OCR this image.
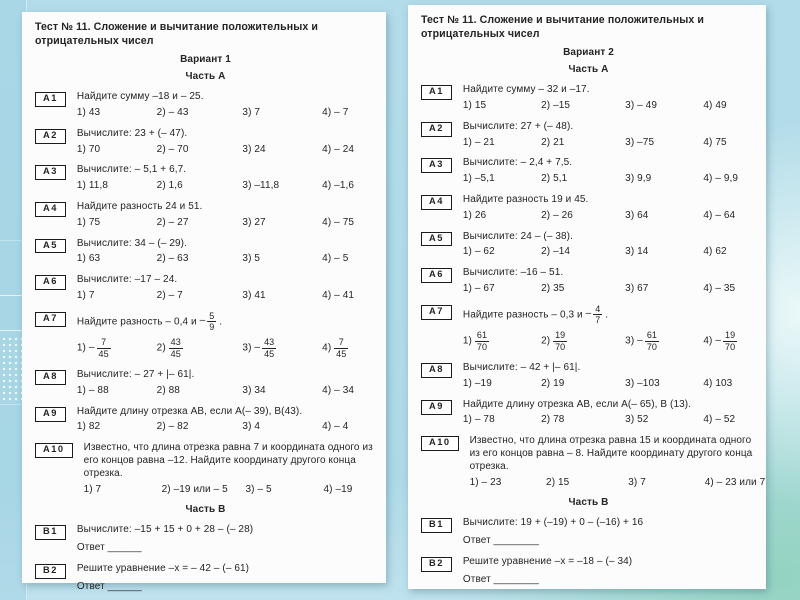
Тест № 11. Сложение и вычитание положительных и отрицательных чисел
Вариант 1
Часть А
А1	Найдите сумму –18 и – 25.
1) 43	2) – 43	3) 7	4) – 7
А2	Вычислите: 23 + (– 47).
1) 70	2) – 70	3) 24	4) – 24
А3	Вычислите: – 5,1 + 6,7.
1) 11,8	2) 1,6	3) –11,8	4) –1,6
А4	Найдите разность 24 и 51.
1) 75	2) – 27	3) 27	4) – 75
А5	Вычислите: 34 – (– 29).
1) 63	2) – 63	3) 5	4) – 5
А6	Вычислите: –17 – 24.
1) 7	2) – 7	3) 41	4) – 41
А7	Найдите разность – 0,4 и – $\frac{5}{9}$ .
$1) - \frac{7}{45}$	$2) \frac{43}{45}$	$3) - \frac{43}{45}$	$4) \frac{7}{45}$
А8	Вычислите: – 27 + |– 61|.
1) – 88	2) 88	3) 34	4) – 34
А9	Найдите длину отрезка АВ, если А(– 39), В(43).
1) 82	2) – 82	3) 4	4) – 4
А10	Известно, что длина отрезка равна 7 и координата одного из его концов равна –12. Найдите координату другого конца отрезка.
1) 7	2) –19 или – 5	3) – 5	4) –19
Часть В
В1	Вычислите: –15 + 15 + 0 + 28 – (– 28)
Ответ ______
В2	Решите уравнение –x = – 42 – (– 61)
Ответ ______
Тест № 11. Сложение и вычитание положительных и отрицательных чисел
Вариант 2
Часть А
А1	Найдите сумму – 32 и –17.
1) 15	2) –15	3) – 49	4) 49
А2	Вычислите: 27 + (– 48).
1) – 21	2) 21	3) –75	4) 75
А3	Вычислите: – 2,4 + 7,5.
1) –5,1	2) 5,1	3) 9,9	4) – 9,9
А4	Найдите разность 19 и 45.
1) 26	2) – 26	3) 64	4) – 64
А5	Вычислите: 24 – (– 38).
1) – 62	2) –14	3) 14	4) 62
А6	Вычислите: –16 – 51.
1) – 67	2) 35	3) 67	4) – 35
А7	Найдите разность – 0,3 и – $\frac{4}{7}$ .
$1) \frac{61}{70}$	$2) \frac{19}{70}$	$3) - \frac{61}{70}$	$4) - \frac{19}{70}$
А8	Вычислите: – 42 + |– 61|.
1) –19	2) 19	3) –103	4) 103
А9	Найдите длину отрезка АВ, если А(– 65), В (13).
1) – 78	2) 78	3) 52	4) – 52
А10	Известно, что длина отрезка равна 15 и координата одного из его концов равна – 8. Найдите координату другого конца отрезка.
1) – 23	2) 15	3) 7	4) – 23 или 7
Часть В
В1	Вычислите: 19 + (–19) + 0 – (–16) + 16
Ответ ________
В2	Решите уравнение –x = –18 – (– 34)
Ответ ________
